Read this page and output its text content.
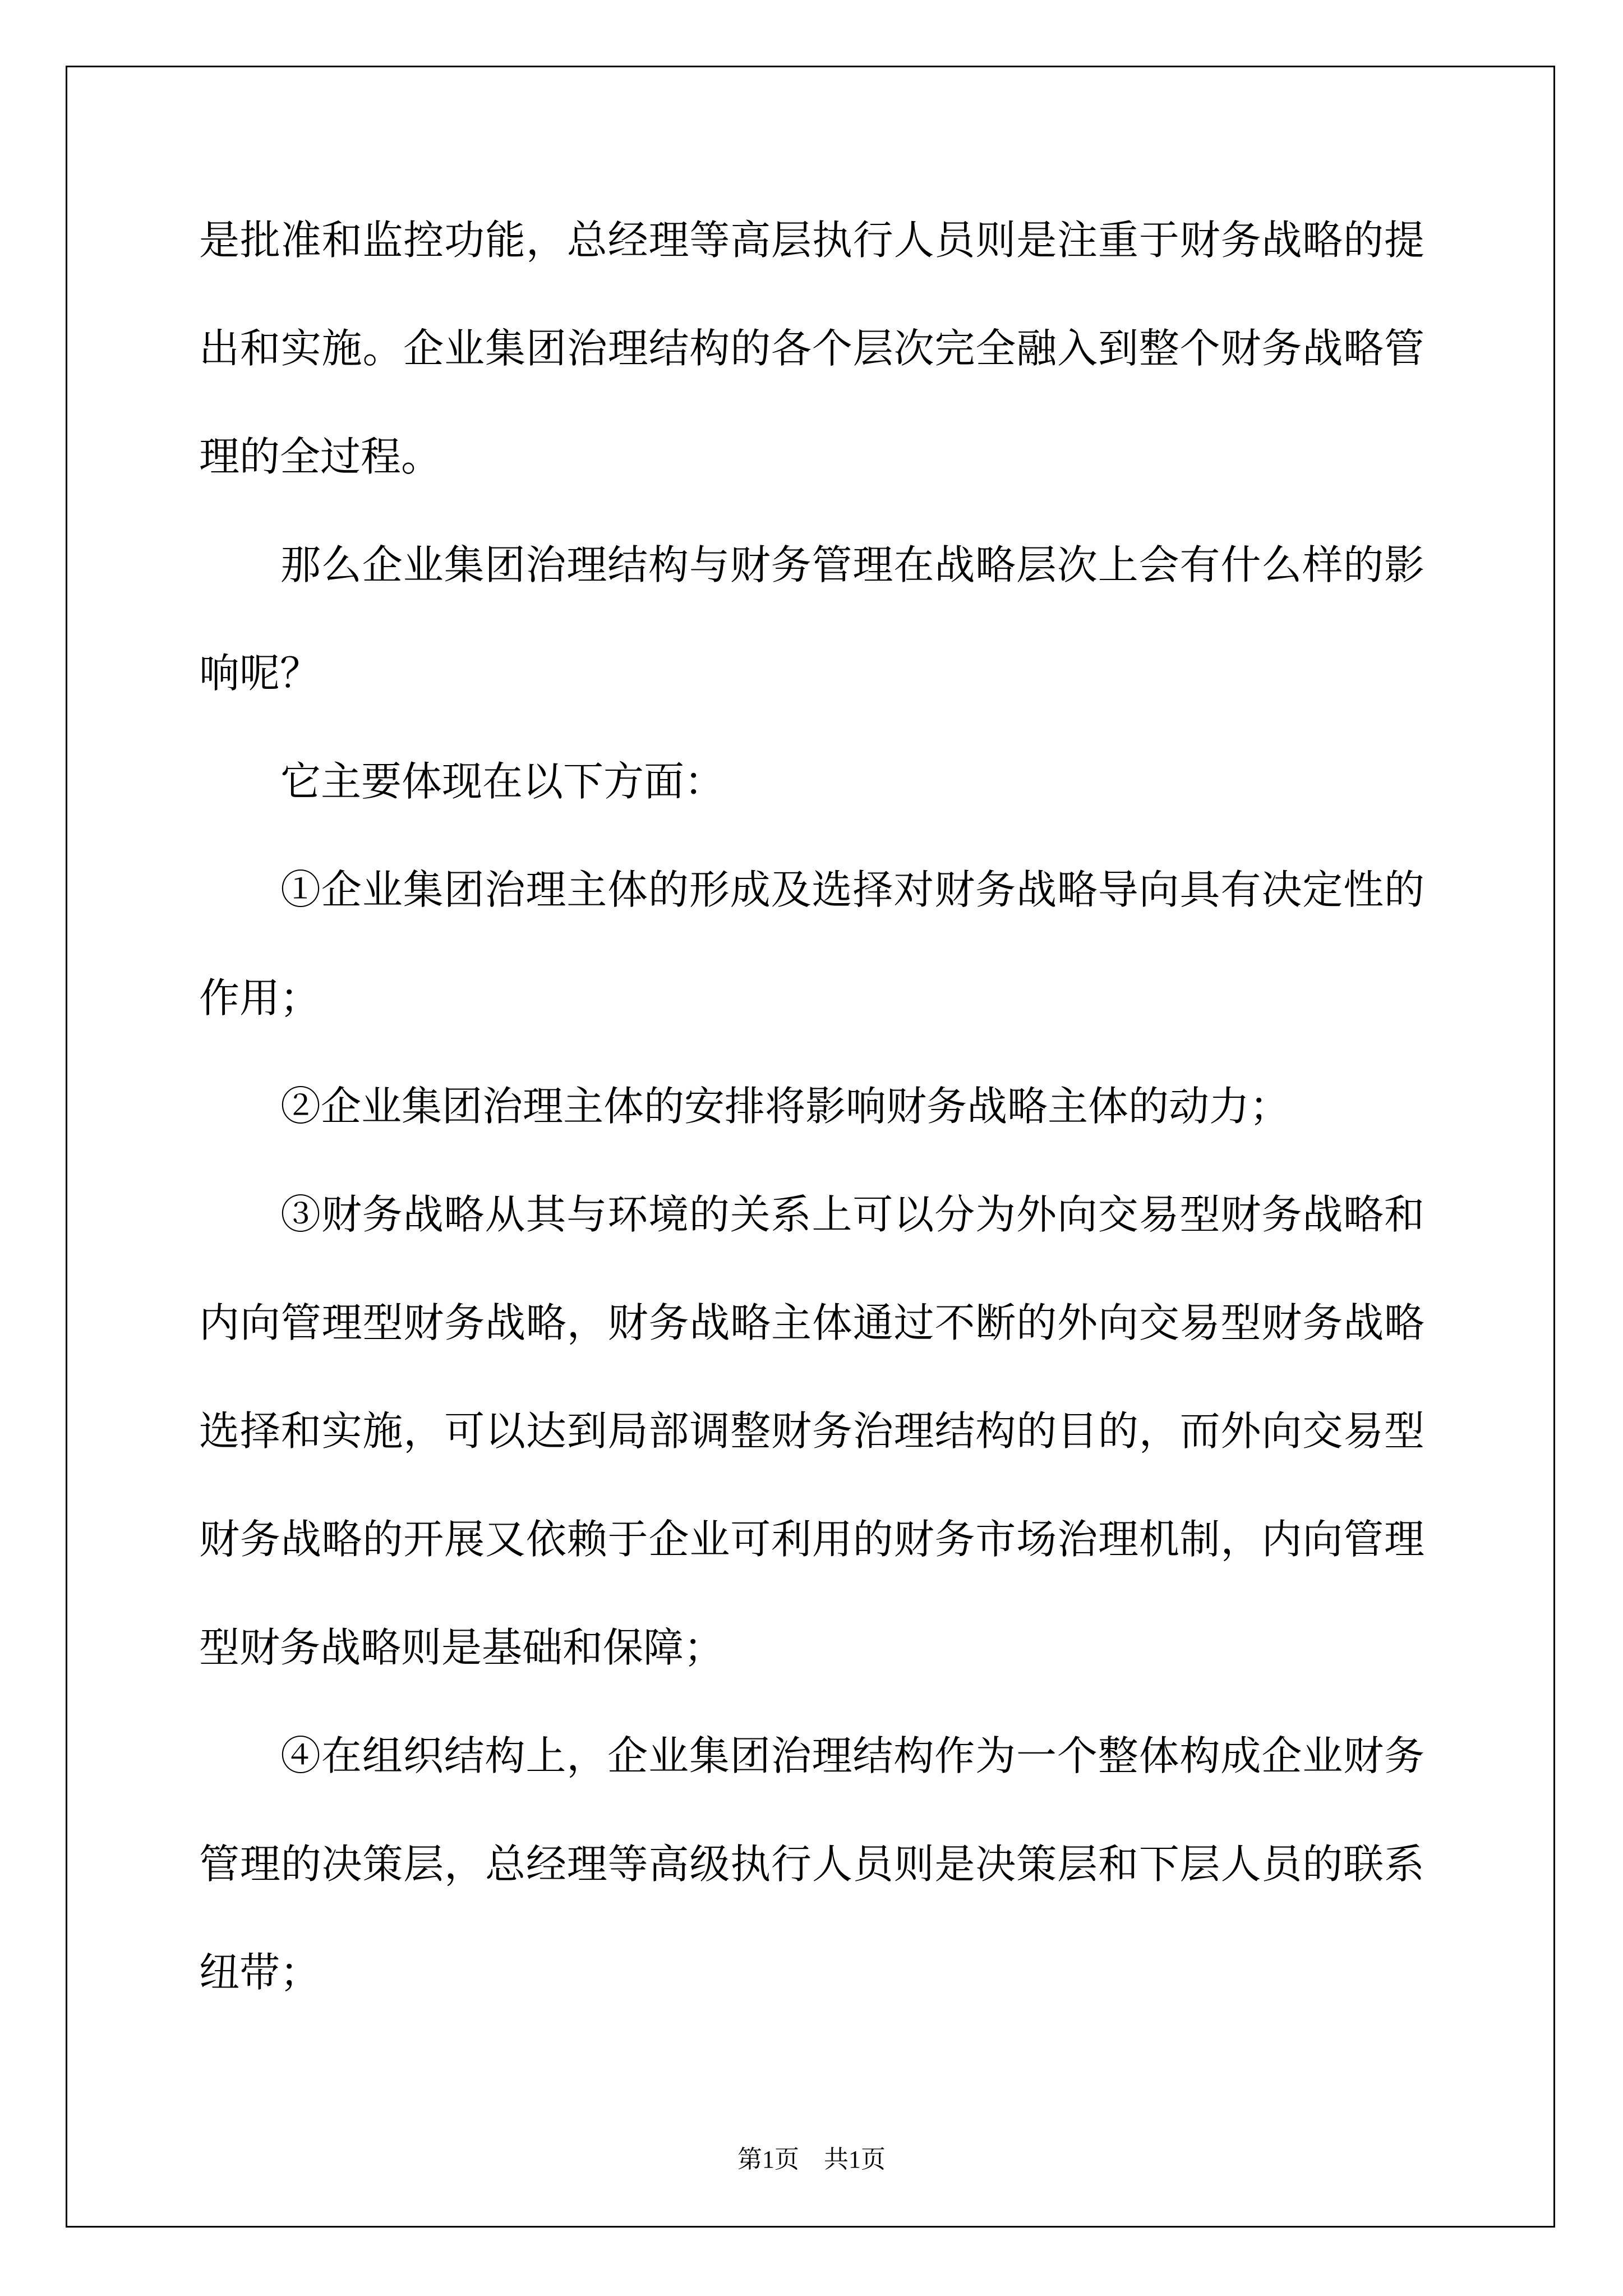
是批准和监控功能，总经理等高层执行人员则是注重于财务战略的提
出和实施。企业集团治理结构的各个层次完全融入到整个财务战略管
理的全过程。
那么企业集团治理结构与财务管理在战略层次上会有什么样的影
响呢？
它主要体现在以下方面：
①企业集团治理主体的形成及选择对财务战略导向具有决定性的
作用；
②企业集团治理主体的安排将影响财务战略主体的动力；
③财务战略从其与环境的关系上可以分为外向交易型财务战略和
内向管理型财务战略，财务战略主体通过不断的外向交易型财务战略
选择和实施，可以达到局部调整财务治理结构的目的，而外向交易型
财务战略的开展又依赖于企业可利用的财务市场治理机制，内向管理
型财务战略则是基础和保障；
④在组织结构上，企业集团治理结构作为一个整体构成企业财务
管理的决策层，总经理等高级执行人员则是决策层和下层人员的联系
纽带；
第1页　共1页
